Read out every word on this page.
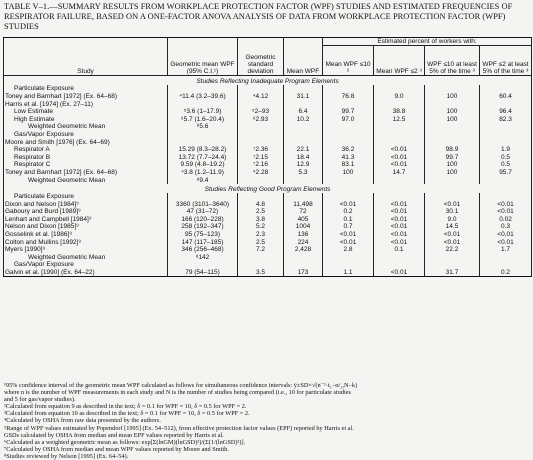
TABLE V–1.—SUMMARY RESULTS FROM WORKPLACE PROTECTION FACTOR (WPF) STUDIES AND ESTIMATED FREQUENCIES OF RESPIRATOR FAILURE, BASED ON A ONE-FACTOR ANOVA ANALYSIS OF DATA FROM WORKPLACE PROTECTION FACTOR (WPF) STUDIES
Study	Geometric mean WPF (95% C.I.¹)	Geometric standard deviation	Mean WPF	Estimated percent of workers with:			
				Mean WPF ≤10 ²	Mean WPF ≤2 ³	WPF ≤10 at least 5% of the time ³	WPF ≤2 at least 5% of the time ³
Studies Reflecting Inadequate Program Elements							
Particulate Exposure							
Toney and Barnhart [1972] (Ex. 64–68)	⁴11.4 (3.2–39.6)	⁴4.12	31.1	76.8	9.0	100	60.4
Harris et al. [1974] (Ex. 27–11)							
Low Estimate	⁵3.6 (1–17.9)	⁵2–93	6.4	99.7	38.8	100	96.4
High Estimate	⁶5.7 (1.6–20.4)	⁶2.93	10.2	97.0	12.5	100	82.3
Weighted Geometric Mean	⁸5.6						
Gas/Vapor Exposure							
Moore and Smith [1976] (Ex. 64–69)							
Respirator A	15.29 (8.3–28.2)	⁷2.36	22.1	36.2	<0.01	98.9	1.9
Respirator B	13.72 (7.7–24.4)	⁷2.15	18.4	41.3	<0.01	99.7	0.5
Respirator C	9.59 (4.8–19.2)	⁷2.16	12.9	83.1	<0.01	100	0.5
Toney and Barnhart [1972] (Ex. 64–68)	⁴3.8 (1.2–11.9)	⁴2.28	5.3	100	14.7	100	95.7
Weighted Geometric Mean	⁸9.4						
Studies Reflecting Good Program Elements							
Particulate Exposure							
Dixon and Nelson [1984]⁹	3360 (3101–3640)	4.8	11,498	<0.01	<0.01	<0.01	<0.01
Gaboury and Burd [1989]⁹	47 (31–72)	2.5	72	0.2	<0.01	30.1	<0.01
Lenhart and Campbell [1984]⁹	166 (120–228)	3.8	405	0.1	<0.01	9.0	0.02
Nelson and Dixon [1985]⁹	258 (192–347)	5.2	1004	0.7	<0.01	14.5	0.3
Gosselink et al. [1986]⁹	95 (75–123)	2.3	136	<0.01	<0.01	<0.01	<0.01
Colton and Mullins [1992]⁹	147 (117–185)	2.5	224	<0.01	<0.01	<0.01	<0.01
Myers [1990]⁹	346 (256–468)	7.2	2,428	2.8	0.1	22.2	1.7
Weighted Geometric Mean	⁸142						
Gas/Vapor Exposure							
Galvin et al. [1990] (Ex. 64–22)	79 (54–115)	3.5	173	1.1	<0.01	31.7	0.2
¹95% confidence interval of the geometric mean WPF calculated as follows for simultaneous confidence intervals: ȳ±SD×√(n⁻¹·t₁₋α/₂,N₋k)
where n is the number of WPF measurements in each study and N is the number of studies being compared (i.e., 10 for particulate studies
and 5 for gas/vapor studies).
²Calculated from equation 9 as described in the text; δ = 0.1 for WPF = 10, δ = 0.5 for WPF = 2.
³Calculated from equation 10 as described in the text; δ = 0.1 for WPF = 10, δ = 0.5 for WPF = 2.
⁴Calculated by OSHA from raw data presented by the authors.
⁵Range of WPF values estimated by Popendorf [1995] (Ex. 54–512), from effective protection factor values (EPF) reported by Harris et al.
GSDs calculated by OSHA from median and mean EPF values reported by Harris et al.
⁶Calculated as a weighted geometric mean as follows: exp[Σ(lnGM)(lnGSD)²)/(Σ(1/(lnGSD)²)].
⁷Calculated by OSHA from median and mean WPF values reported by Moore and Smith.
⁸Studies reviewed by Nelson [1995] (Ex. 64–54).
